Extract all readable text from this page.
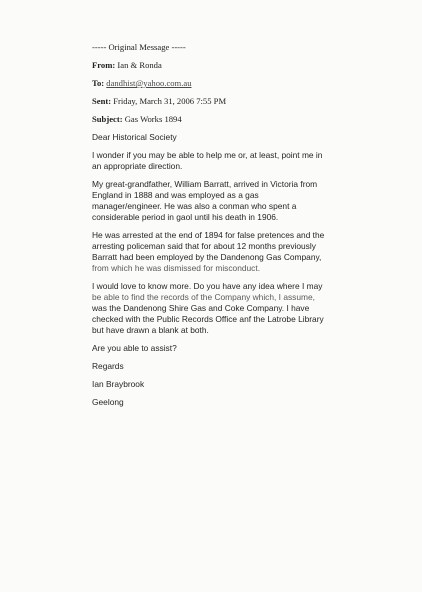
----- Original Message -----
From: Ian & Ronda
To: dandhist@yahoo.com.au
Sent: Friday, March 31, 2006 7:55 PM
Subject: Gas Works 1894
Dear Historical Society
I wonder if you may be able to help me or, at least, point me in
an appropriate direction.
My great-grandfather, William Barratt, arrived in Victoria from
England in 1888 and was employed as a gas
manager/engineer. He was also a conman who spent a
considerable period in gaol until his death in 1906.
He was arrested at the end of 1894 for false pretences and the
arresting policeman said that for about 12 months previously
Barratt had been employed by the Dandenong Gas Company,
from which he was dismissed for misconduct.
I would love to know more. Do you have any idea where I may
be able to find the records of the Company which, I assume,
was the Dandenong Shire Gas and Coke Company. I have
checked with the Public Records Office anf the Latrobe Library
but have drawn a blank at both.
Are you able to assist?
Regards
Ian Braybrook
Geelong
